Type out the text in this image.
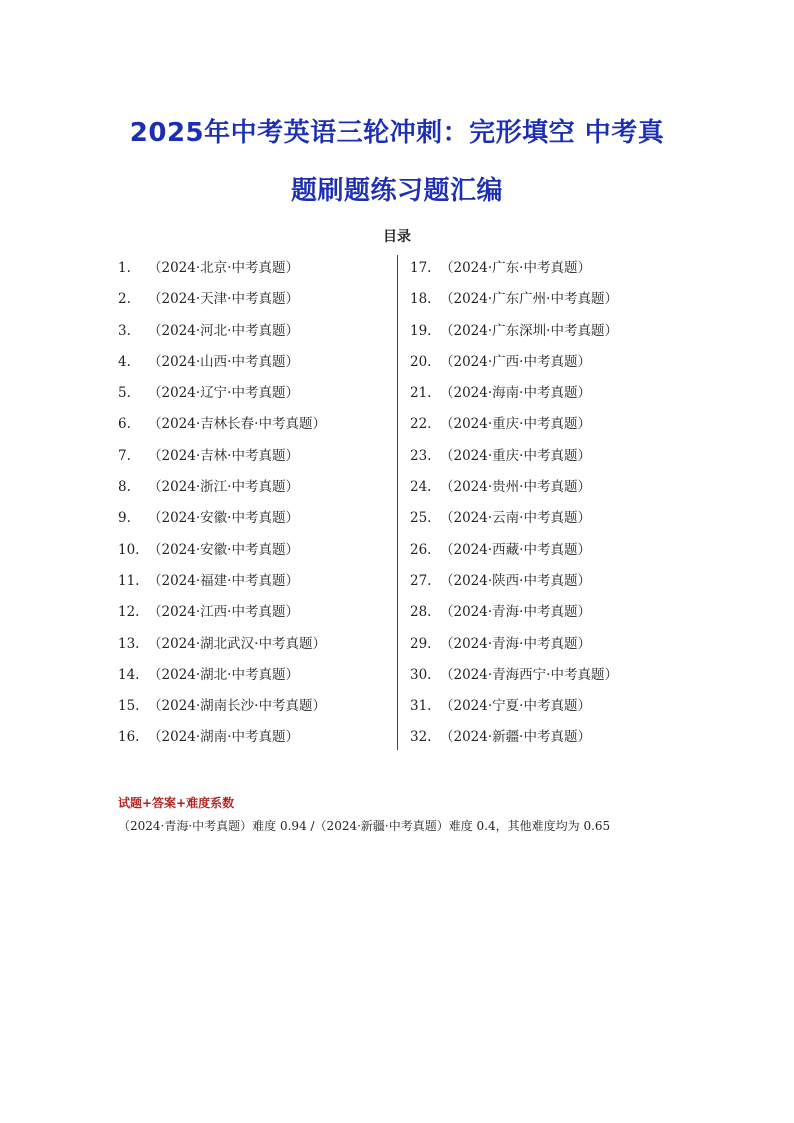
2025年中考英语三轮冲刺：完形填空 中考真
题刷题练习题汇编
目录
1. （2024·北京·中考真题）
2. （2024·天津·中考真题）
3. （2024·河北·中考真题）
4. （2024·山西·中考真题）
5. （2024·辽宁·中考真题）
6. （2024·吉林长春·中考真题）
7. （2024·吉林·中考真题）
8. （2024·浙江·中考真题）
9. （2024·安徽·中考真题）
10. （2024·安徽·中考真题）
11. （2024·福建·中考真题）
12. （2024·江西·中考真题）
13. （2024·湖北武汉·中考真题）
14. （2024·湖北·中考真题）
15. （2024·湖南长沙·中考真题）
16. （2024·湖南·中考真题）
17. （2024·广东·中考真题）
18. （2024·广东广州·中考真题）
19. （2024·广东深圳·中考真题）
20. （2024·广西·中考真题）
21. （2024·海南·中考真题）
22. （2024·重庆·中考真题）
23. （2024·重庆·中考真题）
24. （2024·贵州·中考真题）
25. （2024·云南·中考真题）
26. （2024·西藏·中考真题）
27. （2024·陕西·中考真题）
28. （2024·青海·中考真题）
29. （2024·青海·中考真题）
30. （2024·青海西宁·中考真题）
31. （2024·宁夏·中考真题）
32. （2024·新疆·中考真题）
试题+答案+难度系数
（2024·青海·中考真题）难度 0.94 /（2024·新疆·中考真题）难度 0.4，其他难度均为 0.65
